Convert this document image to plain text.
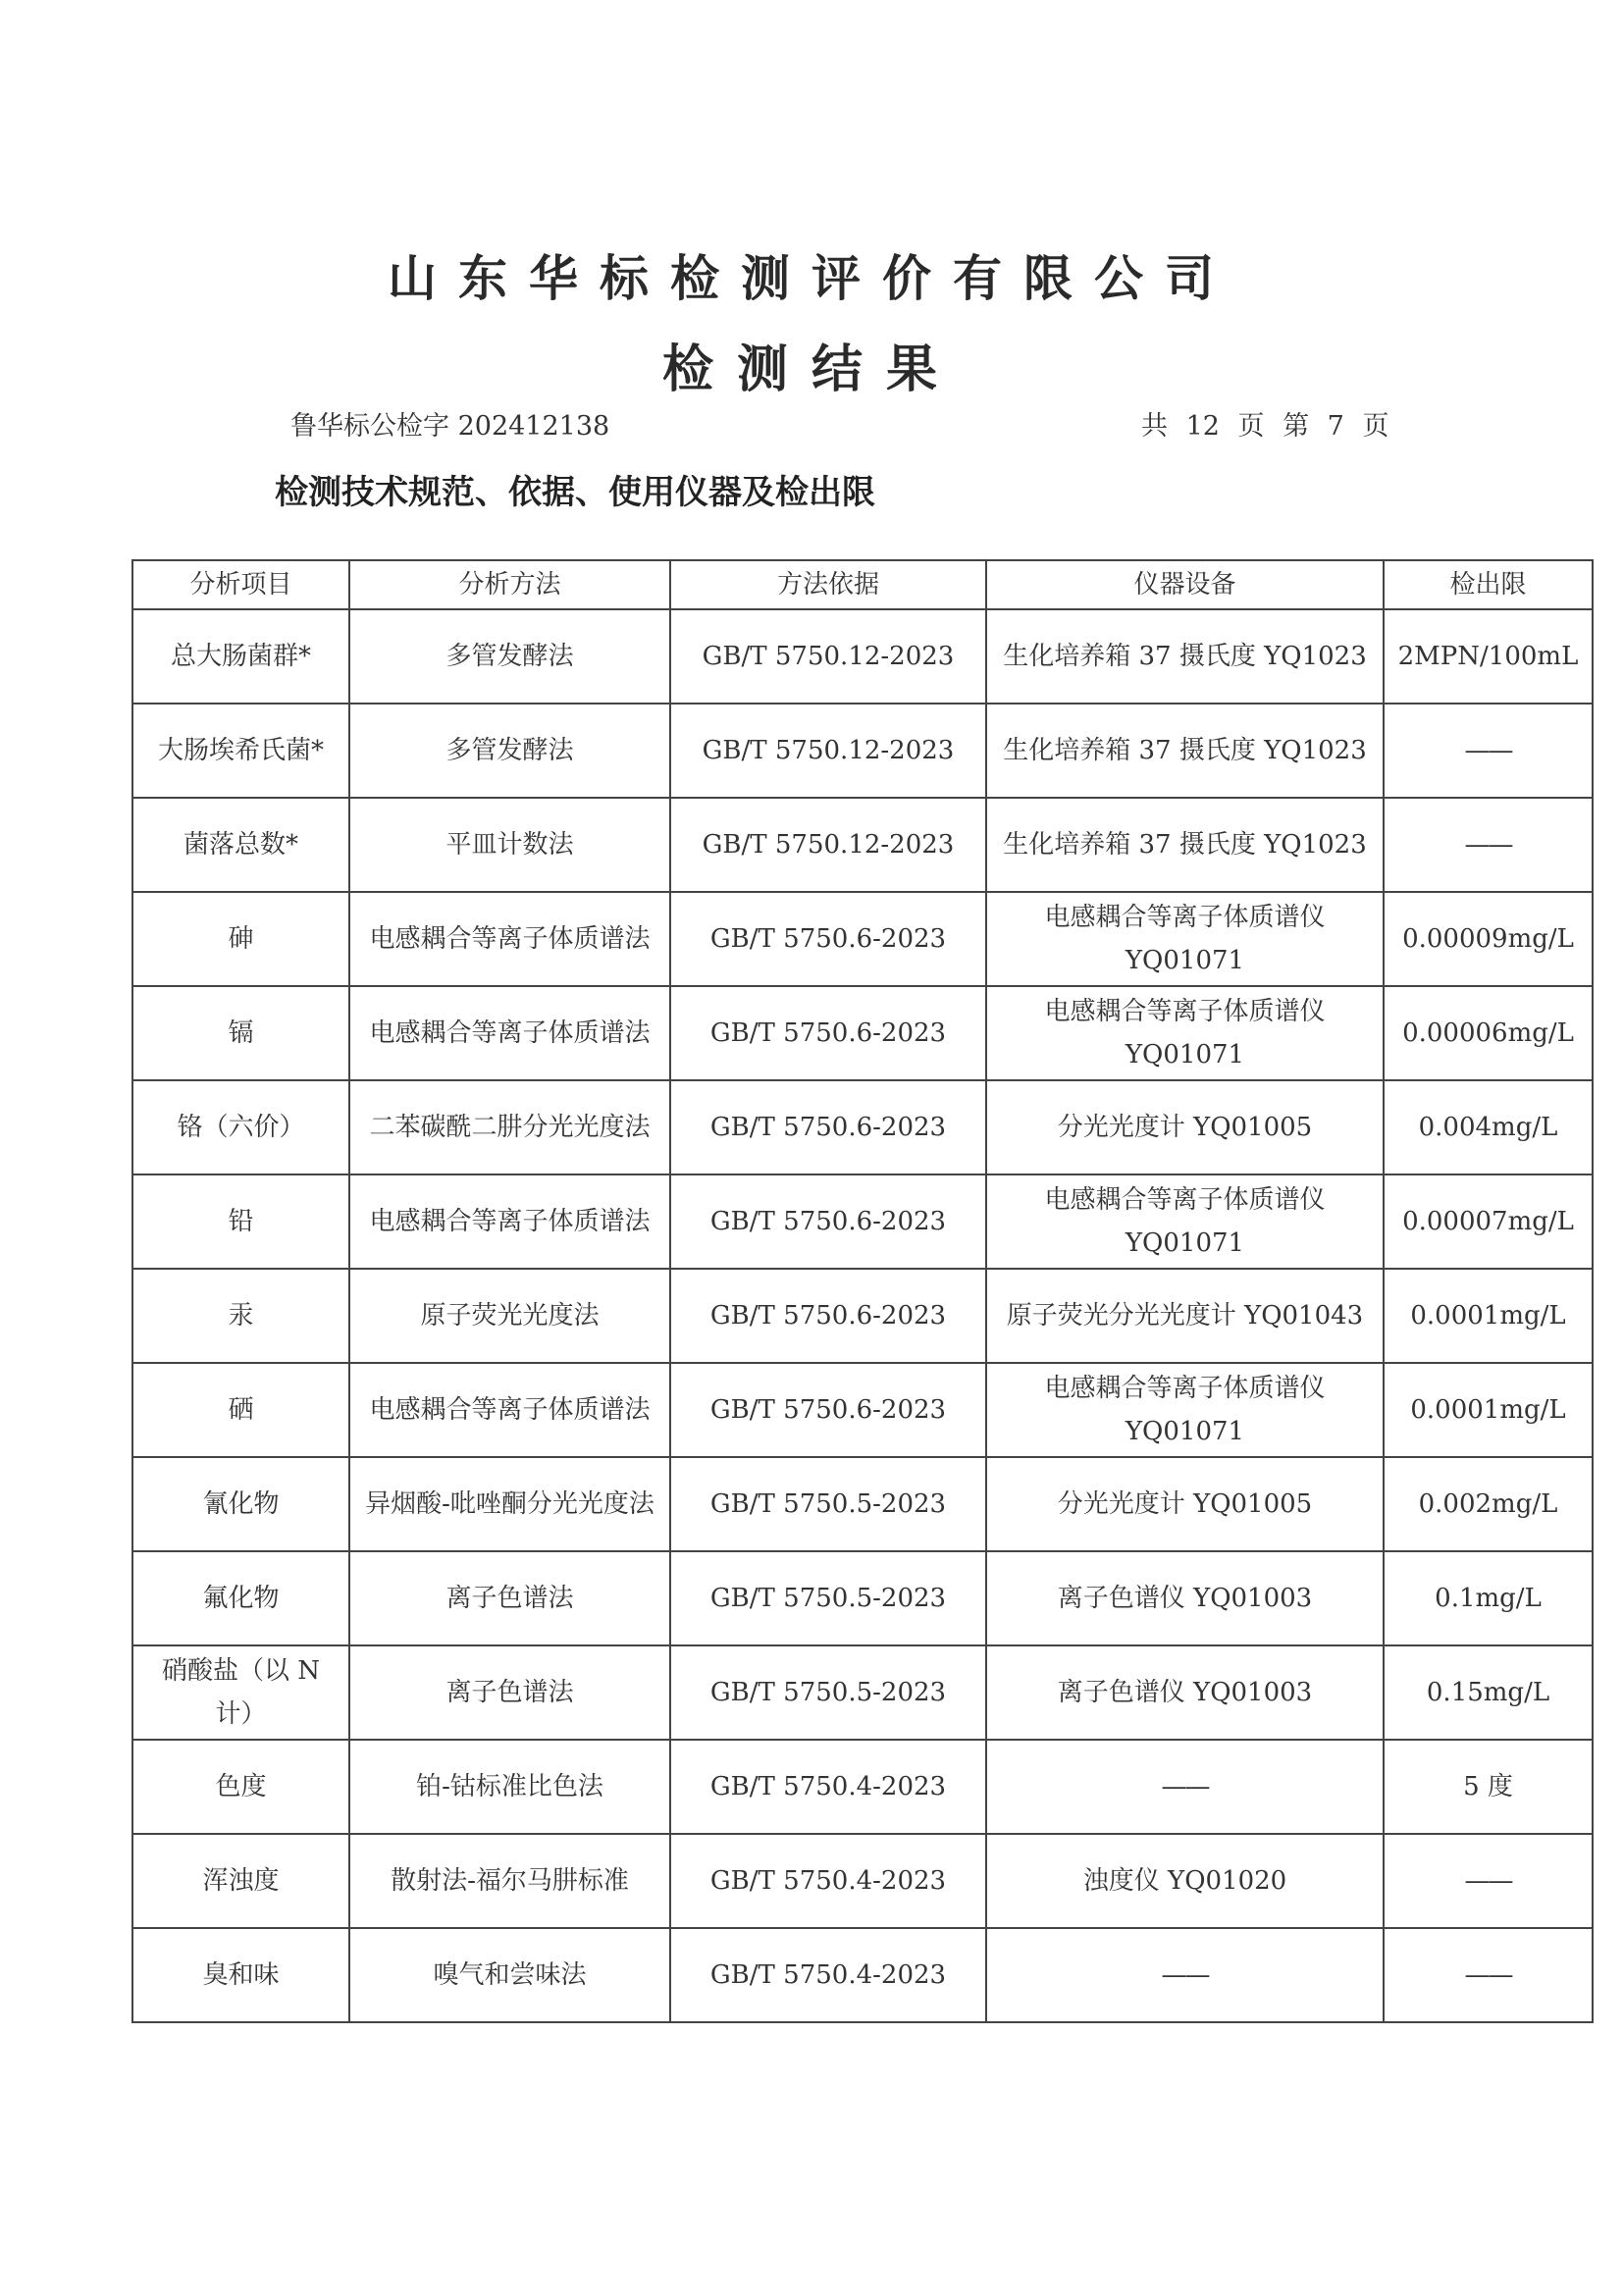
山东华标检测评价有限公司
检测结果
鲁华标公检字 202412138	共 12 页 第 7 页
检测技术规范、依据、使用仪器及检出限
分析项目	分析方法	方法依据	仪器设备	检出限
总大肠菌群*	多管发酵法	GB/T 5750.12-2023	生化培养箱 37 摄氏度 YQ1023	2MPN/100mL
大肠埃希氏菌*	多管发酵法	GB/T 5750.12-2023	生化培养箱 37 摄氏度 YQ1023	——
菌落总数*	平皿计数法	GB/T 5750.12-2023	生化培养箱 37 摄氏度 YQ1023	——
砷	电感耦合等离子体质谱法	GB/T 5750.6-2023	电感耦合等离子体质谱仪 YQ01071	0.00009mg/L
镉	电感耦合等离子体质谱法	GB/T 5750.6-2023	电感耦合等离子体质谱仪 YQ01071	0.00006mg/L
铬（六价）	二苯碳酰二肼分光光度法	GB/T 5750.6-2023	分光光度计 YQ01005	0.004mg/L
铅	电感耦合等离子体质谱法	GB/T 5750.6-2023	电感耦合等离子体质谱仪 YQ01071	0.00007mg/L
汞	原子荧光光度法	GB/T 5750.6-2023	原子荧光分光光度计 YQ01043	0.0001mg/L
硒	电感耦合等离子体质谱法	GB/T 5750.6-2023	电感耦合等离子体质谱仪 YQ01071	0.0001mg/L
氰化物	异烟酸-吡唑酮分光光度法	GB/T 5750.5-2023	分光光度计 YQ01005	0.002mg/L
氟化物	离子色谱法	GB/T 5750.5-2023	离子色谱仪 YQ01003	0.1mg/L
硝酸盐（以 N 计）	离子色谱法	GB/T 5750.5-2023	离子色谱仪 YQ01003	0.15mg/L
色度	铂-钴标准比色法	GB/T 5750.4-2023	——	5 度
浑浊度	散射法-福尔马肼标准	GB/T 5750.4-2023	浊度仪 YQ01020	——
臭和味	嗅气和尝味法	GB/T 5750.4-2023	——	——
